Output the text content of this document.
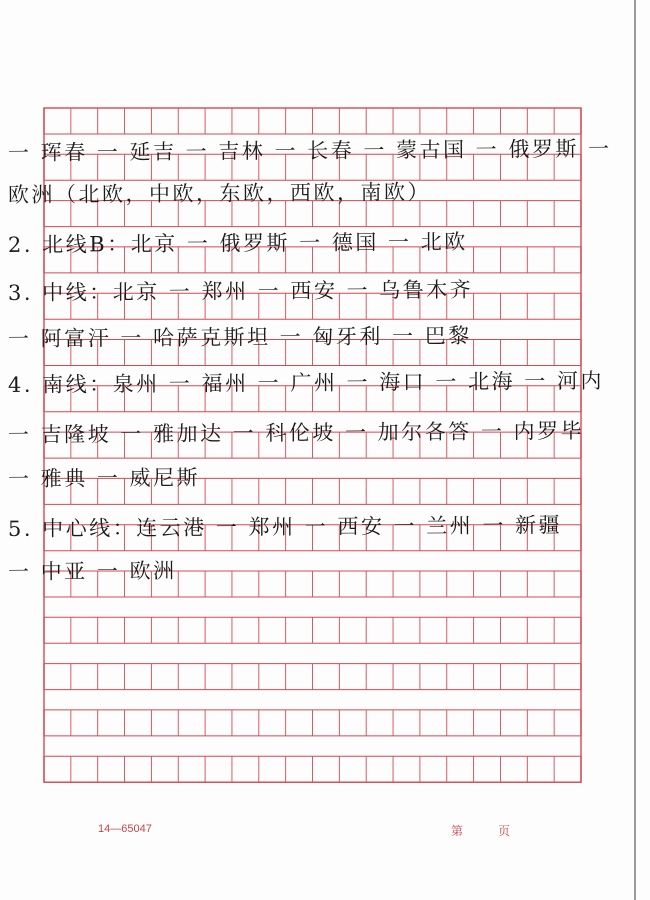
一 珲春 一 延吉 一 吉林 一 长春 一 蒙古国 一 俄罗斯 一
欧洲（北欧，中欧，东欧，西欧，南欧）
2. 北线B：北京 一 俄罗斯 一 德国 一 北欧
3. 中线：北京 一 郑州 一 西安 一 乌鲁木齐
一 阿富汗 一 哈萨克斯坦 一 匈牙利 一 巴黎
4. 南线：泉州 一 福州 一 广州 一 海口 一 北海 一 河内
一 吉隆坡 一 雅加达 一 科伦坡 一 加尔各答 一 内罗毕
一 雅典 一 威尼斯
5. 中心线：连云港 一 郑州 一 西安 一 兰州 一 新疆
一 中亚 一 欧洲
14—65047	第	页
